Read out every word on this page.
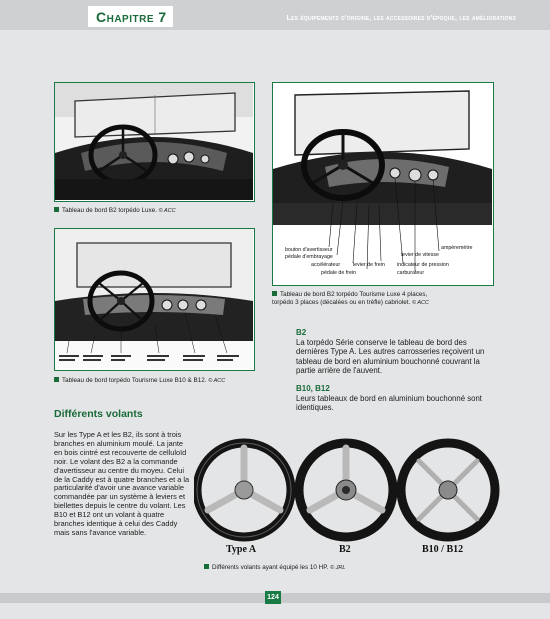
Chapitre 7	Les équipements d'origine, les accessoires d'époque, les améliorations
Tableau de bord B2 torpédo Luxe. © ACC
Tableau de bord torpédo Tourisme Luxe B10 & B12. © ACC
bouton d'avertisseur
pédale d'embrayage
accélérateur levier de frein
pédale de frein
levier de vitesse
indicateur de pression
carburateur
ampèremètre
Tableau de bord B2 torpédo Tourisme Luxe 4 places,
torpédo 3 places (décalées ou en trèfle) cabriolet. © ACC
B2
La torpédo Série conserve le tableau de bord des dernières Type A. Les autres carrosseries reçoivent un tableau de bord en aluminium bouchonné couvrant la partie arrière de l'auvent.
B10, B12
Leurs tableaux de bord en aluminium bouchonné sont identiques.
Différents volants
Sur les Type A et les B2, ils sont à trois branches en aluminium moulé. La jante en bois cintré est recouverte de celluloïd noir. Le volant des B2 a la commande d'avertisseur au centre du moyeu. Celui de la Caddy est à quatre branches et a la particularité d'avoir une avance variable commandée par un système à leviers et biellettes depuis le centre du volant. Les B10 et B12 ont un volant à quatre branches identique à celui des Caddy mais sans l'avance variable.
Type A	B2	B10 / B12
Différents volants ayant équipé les 10 HP. © JRL
124
